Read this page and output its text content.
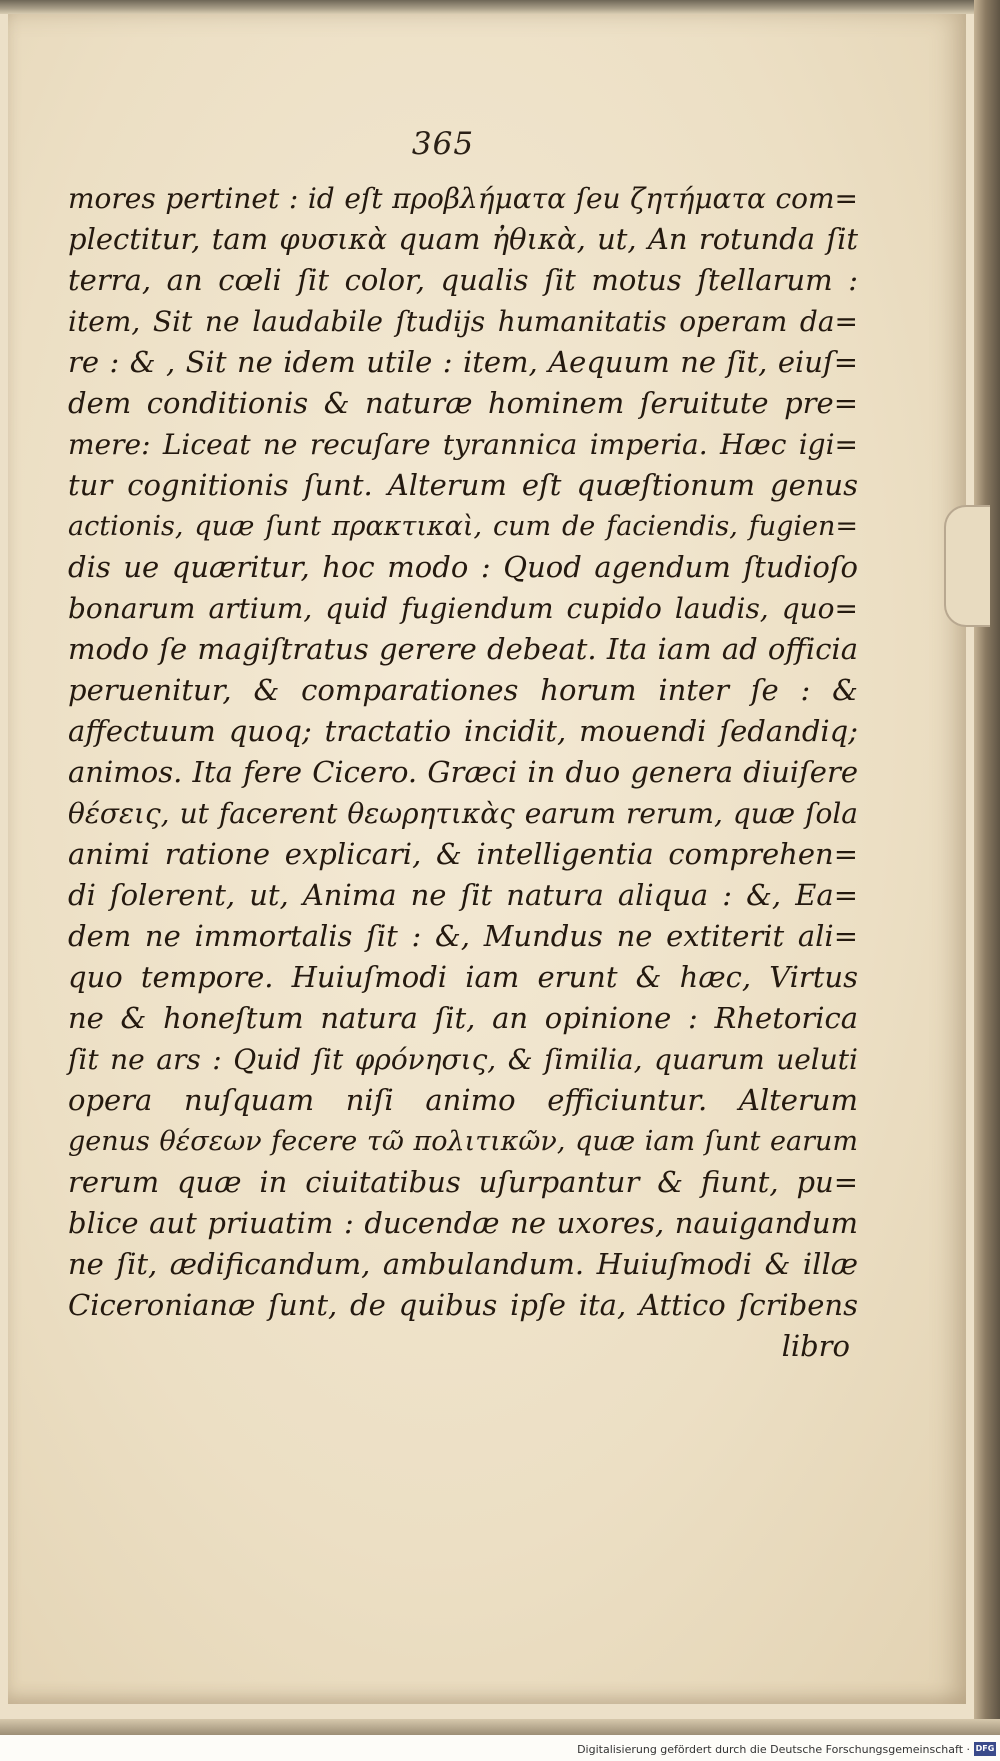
365
mores pertinet : id eſt προβλήματα ſeu ζητήματα com=
plectitur, tam φυσικὰ quam ἠθικὰ, ut, An rotunda ſit
terra, an cœli ſit color, qualis ſit motus ſtellarum :
item, Sit ne laudabile ſtudijs humanitatis operam da=
re : & , Sit ne idem utile : item, Aequum ne ſit, eiuſ=
dem conditionis & naturæ hominem ſeruitute pre=
mere: Liceat ne recuſare tyrannica imperia. Hæc igi=
tur cognitionis ſunt. Alterum eſt quæſtionum genus
actionis, quæ ſunt πρακτικαὶ, cum de faciendis, fugien=
dis ue quæritur, hoc modo : Quod agendum ſtudioſo
bonarum artium, quid fugiendum cupido laudis, quo=
modo ſe magiſtratus gerere debeat. Ita iam ad officia
peruenitur, & comparationes horum inter ſe : &
affectuum quoq; tractatio incidit, mouendi ſedandiq;
animos. Ita fere Cicero. Græci in duo genera diuiſere
θέσεις, ut facerent θεωρητικὰς earum rerum, quæ ſola
animi ratione explicari, & intelligentia comprehen=
di ſolerent, ut, Anima ne ſit natura aliqua : &, Ea=
dem ne immortalis ſit : &, Mundus ne extiterit ali=
quo tempore. Huiuſmodi iam erunt & hæc, Virtus
ne & honeſtum natura ſit, an opinione : Rhetorica
ſit ne ars : Quid ſit φρόνησις, & ſimilia, quarum ueluti
opera nuſquam niſi animo efficiuntur. Alterum
genus θέσεων fecere τῶ πολιτικῶν, quæ iam ſunt earum
rerum quæ in ciuitatibus uſurpantur & fiunt, pu=
blice aut priuatim : ducendæ ne uxores, nauigandum
ne ſit, ædificandum, ambulandum. Huiuſmodi & illæ
Ciceronianæ ſunt, de quibus ipſe ita, Attico ſcribens
libro
Digitalisierung gefördert durch die Deutsche Forschungsgemeinschaft · DFG
